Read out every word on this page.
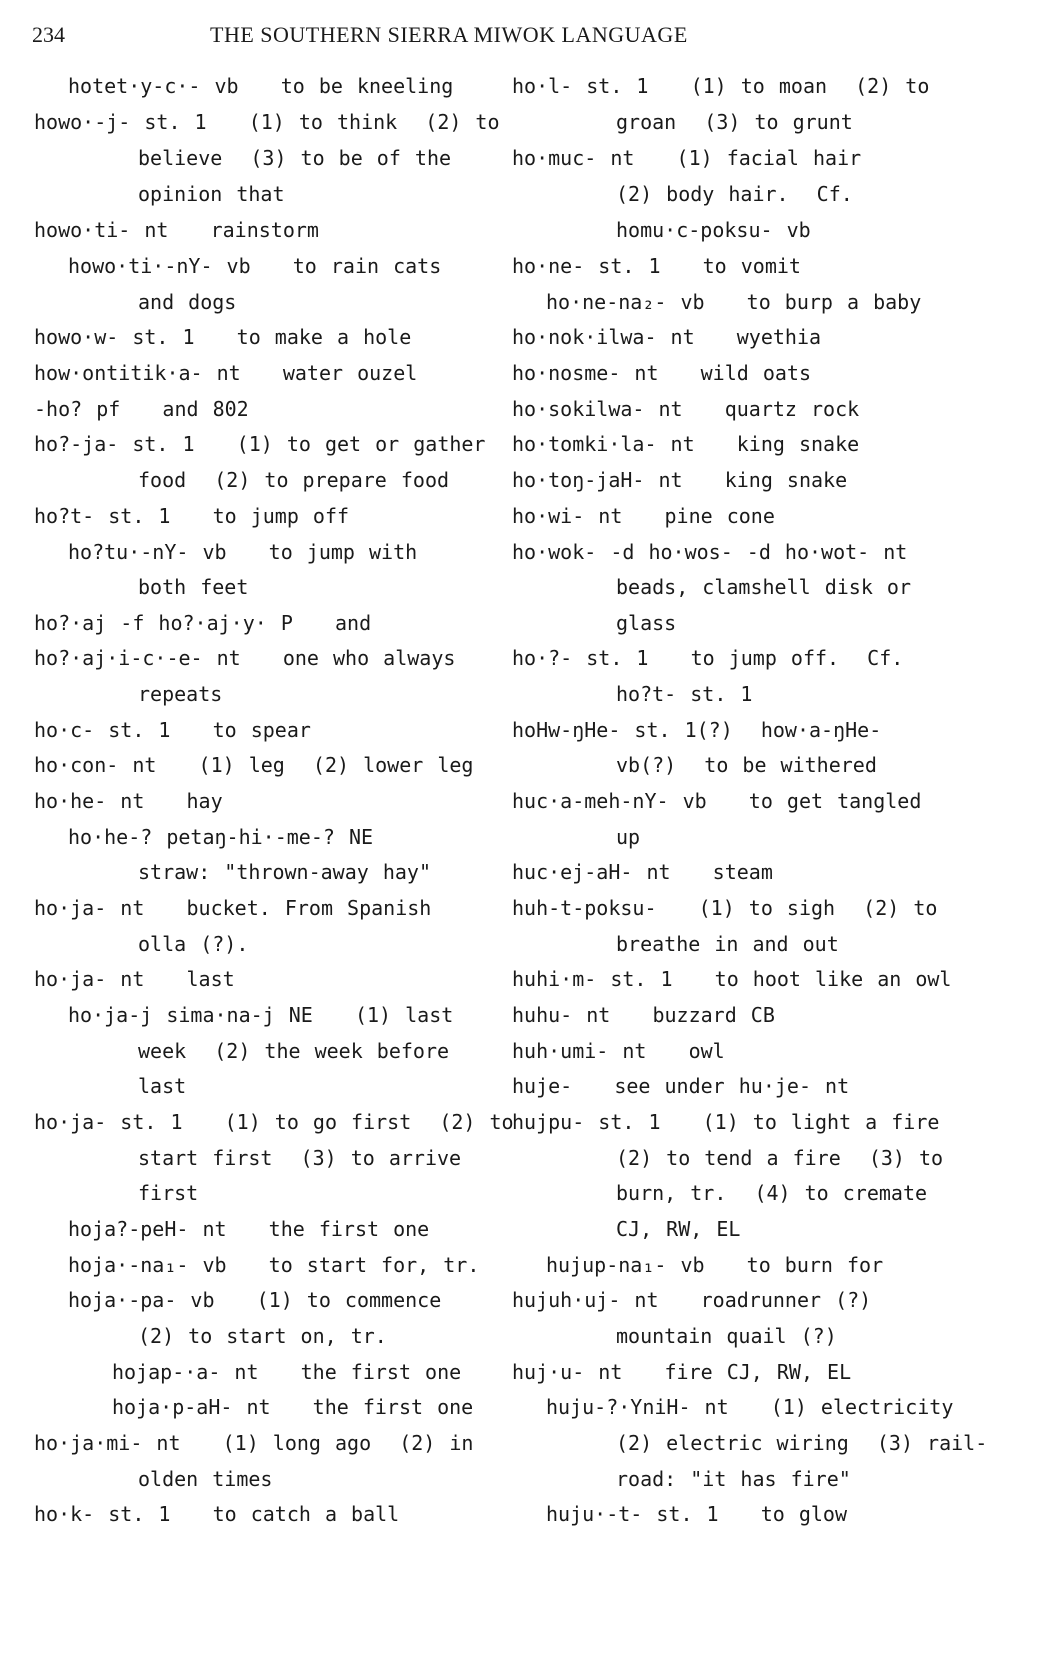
234	THE SOUTHERN SIERRA MIWOK LANGUAGE
hotet·y-c·- vb   to be kneeling
howo·-j- st. 1   (1) to think  (2) to
believe  (3) to be of the
opinion that
howo·ti- nt   rainstorm
howo·ti·-nY- vb   to rain cats
and dogs
howo·w- st. 1   to make a hole
how·ontitik·a- nt   water ouzel
-ho? pf   and 802
ho?-ja- st. 1   (1) to get or gather
food  (2) to prepare food
ho?t- st. 1   to jump off
ho?tu·-nY- vb   to jump with
both feet
ho?·aj -f ho?·aj·y· P   and
ho?·aj·i-c·-e- nt   one who always
repeats
ho·c- st. 1   to spear
ho·con- nt   (1) leg  (2) lower leg
ho·he- nt   hay
ho·he-? petaŋ-hi·-me-? NE
straw: "thrown-away hay"
ho·ja- nt   bucket. From Spanish
olla (?).
ho·ja- nt   last
ho·ja-j sima·na-j NE   (1) last
week  (2) the week before
last
ho·ja- st. 1   (1) to go first  (2) to
start first  (3) to arrive
first
hoja?-peH- nt   the first one
hoja·-na₁- vb   to start for, tr.
hoja·-pa- vb   (1) to commence
(2) to start on, tr.
hojap-·a- nt   the first one
hoja·p-aH- nt   the first one
ho·ja·mi- nt   (1) long ago  (2) in
olden times
ho·k- st. 1   to catch a ball
ho·l- st. 1   (1) to moan  (2) to
groan  (3) to grunt
ho·muc- nt   (1) facial hair
(2) body hair.  Cf.
homu·c-poksu- vb
ho·ne- st. 1   to vomit
ho·ne-na₂- vb   to burp a baby
ho·nok·ilwa- nt   wyethia
ho·nosme- nt   wild oats
ho·sokilwa- nt   quartz rock
ho·tomki·la- nt   king snake
ho·toŋ-jaH- nt   king snake
ho·wi- nt   pine cone
ho·wok- -d ho·wos- -d ho·wot- nt
beads, clamshell disk or
glass
ho·?- st. 1   to jump off.  Cf.
ho?t- st. 1
hoHw-ŋHe- st. 1(?)  how·a-ŋHe-
vb(?)  to be withered
huc·a-meh-nY- vb   to get tangled
up
huc·ej-aH- nt   steam
huh-t-poksu-   (1) to sigh  (2) to
breathe in and out
huhi·m- st. 1   to hoot like an owl
huhu- nt   buzzard CB
huh·umi- nt   owl
huje-   see under hu·je- nt
hujpu- st. 1   (1) to light a fire
(2) to tend a fire  (3) to
burn, tr.  (4) to cremate
CJ, RW, EL
hujup-na₁- vb   to burn for
hujuh·uj- nt   roadrunner (?)
mountain quail (?)
huj·u- nt   fire CJ, RW, EL
huju-?·YniH- nt   (1) electricity
(2) electric wiring  (3) rail-
road: "it has fire"
huju·-t- st. 1   to glow
